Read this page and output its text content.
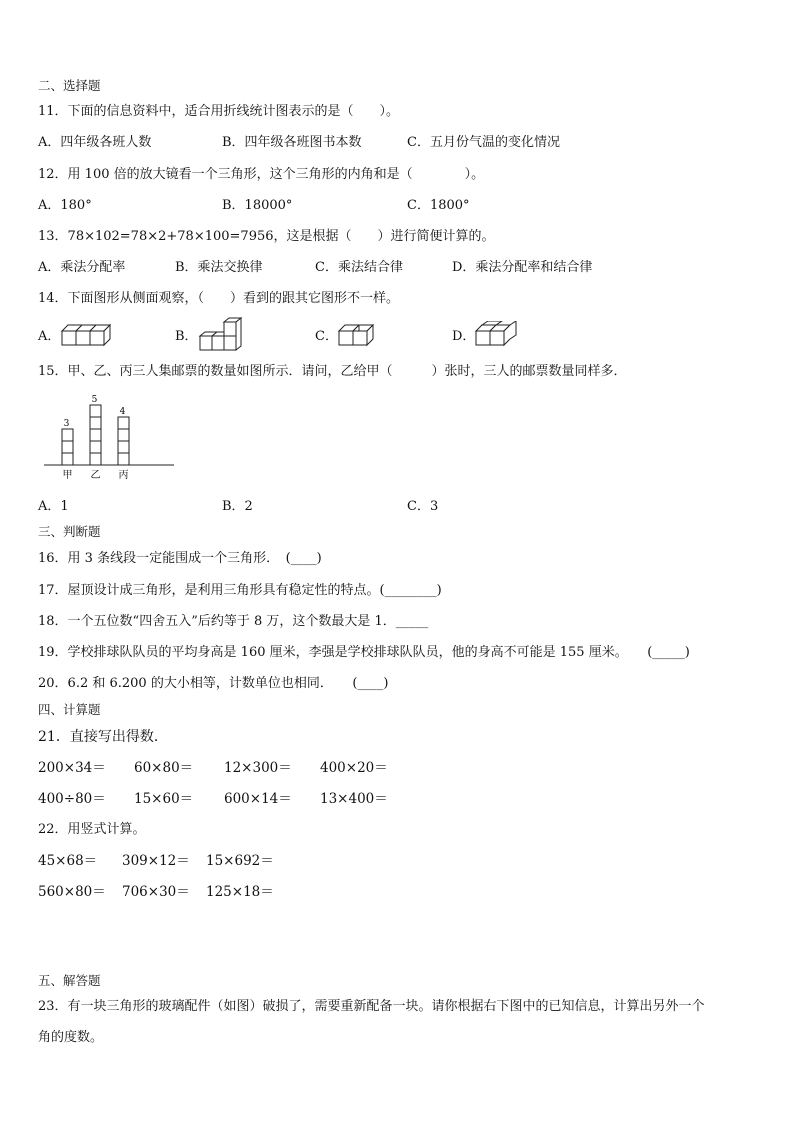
二、选择题
11．下面的信息资料中，适合用折线统计图表示的是（　　）。
A．四年级各班人数	B．四年级各班图书本数	C．五月份气温的变化情况
12．用 100 倍的放大镜看一个三角形，这个三角形的内角和是（　　　　）。
A．180°	B．18000°	C．1800°
13．78×102=78×2+78×100=7956，这是根据（　　）进行简便计算的。
A．乘法分配率	B．乘法交换律	C．乘法结合律	D．乘法分配率和结合律
14．下面图形从侧面观察，（　　）看到的跟其它图形不一样。
A．	B．	C．	D．
15．甲、乙、丙三人集邮票的数量如图所示．请问，乙给甲（　　　）张时，三人的邮票数量同样多．
3
5
4
甲 乙 丙
A．1	B．2	C．3
三、判断题
16．用 3 条线段一定能围成一个三角形．　(____)
17．屋顶设计成三角形，是利用三角形具有稳定性的特点。(________)
18．一个五位数“四舍五入”后约等于 8 万，这个数最大是 1．_____
19．学校排球队队员的平均身高是 160 厘米，李强是学校排球队队员，他的身高不可能是 155 厘米。　　(_____)
20．6.2 和 6.200 的大小相等，计数单位也相同．　　(____)
四、计算题
21．直接写出得数．
200×34＝ 60×80＝ 12×300＝ 400×20＝
400÷80＝ 15×60＝ 600×14＝ 13×400＝
22．用竖式计算。
45×68＝ 309×12＝ 15×692＝
560×80＝ 706×30＝ 125×18＝
五、解答题
23．有一块三角形的玻璃配件（如图）破损了，需要重新配备一块。请你根据右下图中的已知信息，计算出另外一个
角的度数。
